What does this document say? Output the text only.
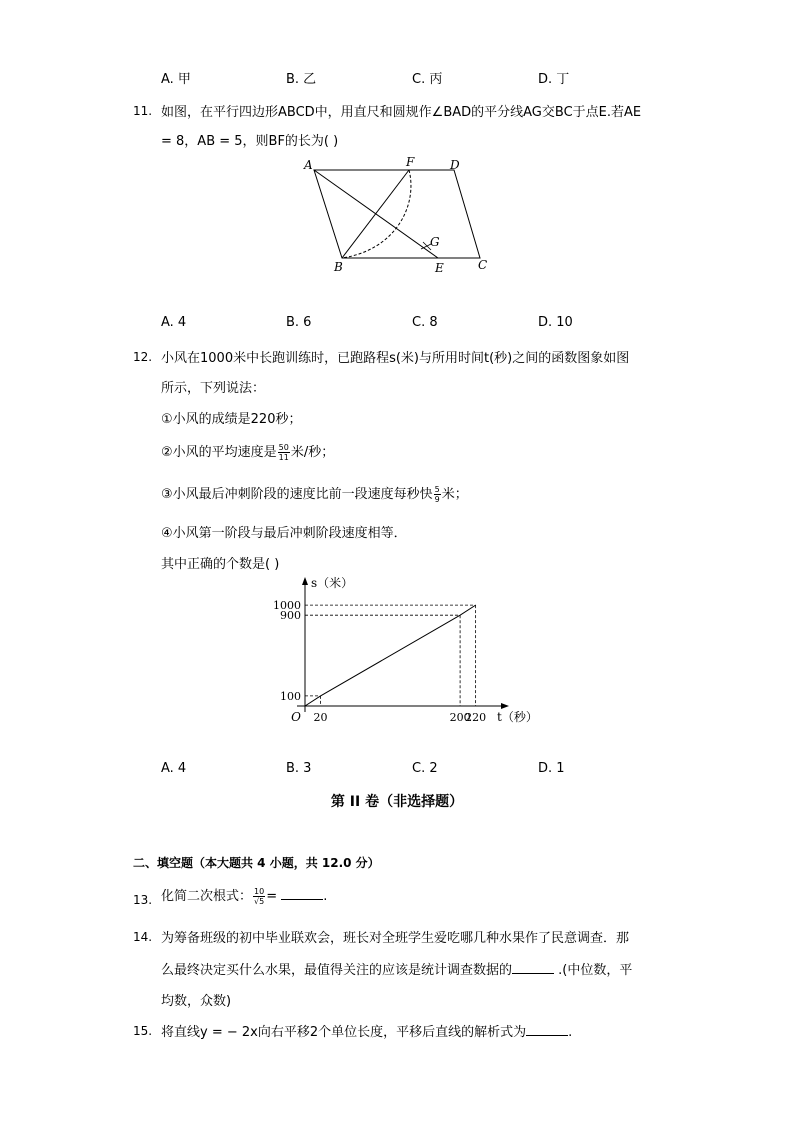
A. 甲	B. 乙	C. 丙	D. 丁
11. 如图，在平行四边形ABCD中，用直尺和圆规作∠BAD的平分线AG交BC于点E.若AE
= 8，AB = 5，则BF的长为( )
A	F	D
G
B	E	C
A. 4	B. 6	C. 8	D. 10
12. 小风在1000米中长跑训练时，已跑路程s(米)与所用时间t(秒)之间的函数图象如图
所示，下列说法：
①小风的成绩是220秒；
②小风的平均速度是 $\frac{50}{11}$ 米/秒；
③小风最后冲刺阶段的速度比前一段速度每秒快 $\frac{5}{9}$ 米；
④小风第一阶段与最后冲刺阶段速度相等．
其中正确的个数是( )
20	200
220
100
900
1000
O
s（米）
t（秒）
A. 4	B. 3	C. 2	D. 1
第 II 卷（非选择题）
二、填空题（本大题共 4 小题，共 12.0 分）
13. 化简二次根式： $\frac{10}{√5}$ =	.
14. 为筹备班级的初中毕业联欢会，班长对全班学生爱吃哪几种水果作了民意调查．那
么最终决定买什么水果，最值得关注的应该是统计调查数据的	.(中位数，平
均数，众数)
15. 将直线y = − 2x向右平移2个单位长度，平移后直线的解析式为	.
